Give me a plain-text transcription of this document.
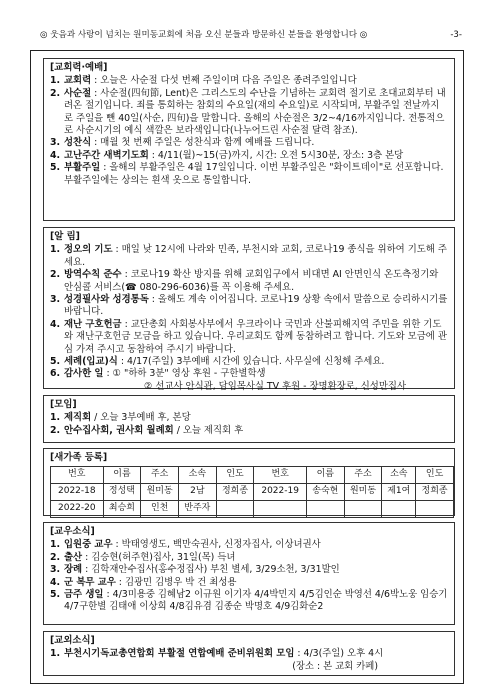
◎ 웃음과 사랑이 넘치는 원미동교회에 처음 오신 분들과 방문하신 분들을 환영합니다 ◎	-3-
[교회력·예배]
1. 교회력 : 오늘은 사순절 다섯 번째 주일이며 다음 주일은 종려주일입니다
2. 사순절 : 사순절(四旬節, Lent)은 그리스도의 수난을 기념하는 교회력 절기로 초대교회부터 내려온 절기입니다. 죄를 통회하는 참회의 수요일(재의 수요일)로 시작되며, 부활주일 전날까지로 주일을 뺀 40일(사순, 四旬)을 말합니다. 올해의 사순절은 3/2~4/16까지입니다. 전통적으로 사순시기의 예식 색깔은 보라색입니다(나누어드린 사순절 달력 참조).
3. 성찬식 : 매월 첫 번째 주일은 성찬식과 함께 예배를 드립니다.
4. 고난주간 새벽기도회 : 4/11(월)~15(금)까지, 시간: 오전 5시30분, 장소: 3층 본당
5. 부활주일 : 올해의 부활주일은 4월 17일입니다. 이번 부활주일은 "화이트데이"로 선포합니다. 부활주일에는 상의는 흰색 옷으로 통일합니다.
[알 림]
1. 정오의 기도 : 매일 낮 12시에 나라와 민족, 부천시와 교회, 코로나19 종식을 위하여 기도해 주세요.
2. 방역수칙 준수 : 코로나19 확산 방지를 위해 교회입구에서 비대면 AI 안면인식 온도측정기와 안심콜 서비스(☎ 080-296-6036)를 꼭 이용해 주세요.
3. 성경필사와 성경통독 : 올해도 계속 이어집니다. 코로나19 상황 속에서 말씀으로 승리하시기를 바랍니다.
4. 재난 구호헌금 : 교단총회 사회봉사부에서 우크라이나 국민과 산불피해지역 주민을 위한 기도와 재난구호헌금 모금을 하고 있습니다. 우리교회도 함께 동참하려고 합니다. 기도와 모금에 관심 가져 주시고 동참하여 주시기 바랍니다.
5. 세례(입교)식 : 4/17(주일) 3부예배 시간에 있습니다. 사무실에 신청해 주세요.
6. 감사한 일 : ① "하하 3분" 영상 후원 - 구한별학생
② 선교사 안식관, 담임목사실 TV 후원 - 장명환장로, 신성만집사
[모임]
1. 제직회 / 오늘 3부예배 후, 본당
2. 안수집사회, 권사회 월례회 / 오늘 제직회 후
[새가족 등록]
번호	이름	주소	소속	인도	번호	이름	주소	소속	인도
2022-18	정성택	원미동	2남	정희종	2022-19	송숙현	원미동	제1여	정희종
2022-20	최승희	인천	반주자						
[교우소식]
1. 입원중 교우 : 박태영생도, 백만숙권사, 신정자집사, 이상녀권사
2. 출산 : 김승현(허주현)집사, 31일(목) 득녀
3. 장례 : 김학재안수집사(홍수정집사) 부친 별세, 3/29소천, 3/31발인
4. 군 복무 교우 : 김광민 김병우 박 건 최성용
5. 금주 생일 : 4/3미용중 김혜남2 이규원 이기자 4/4박민지 4/5김인순 박영선 4/6박노웅 임승기 4/7구한별 김태애 이상희 4/8김유겸 김종순 박명호 4/9김화순2
[교외소식]
1. 부천시기독교총연합회 부활절 연합예배 준비위원회 모임 : 4/3(주일) 오후 4시
(장소 : 본 교회 카페)
